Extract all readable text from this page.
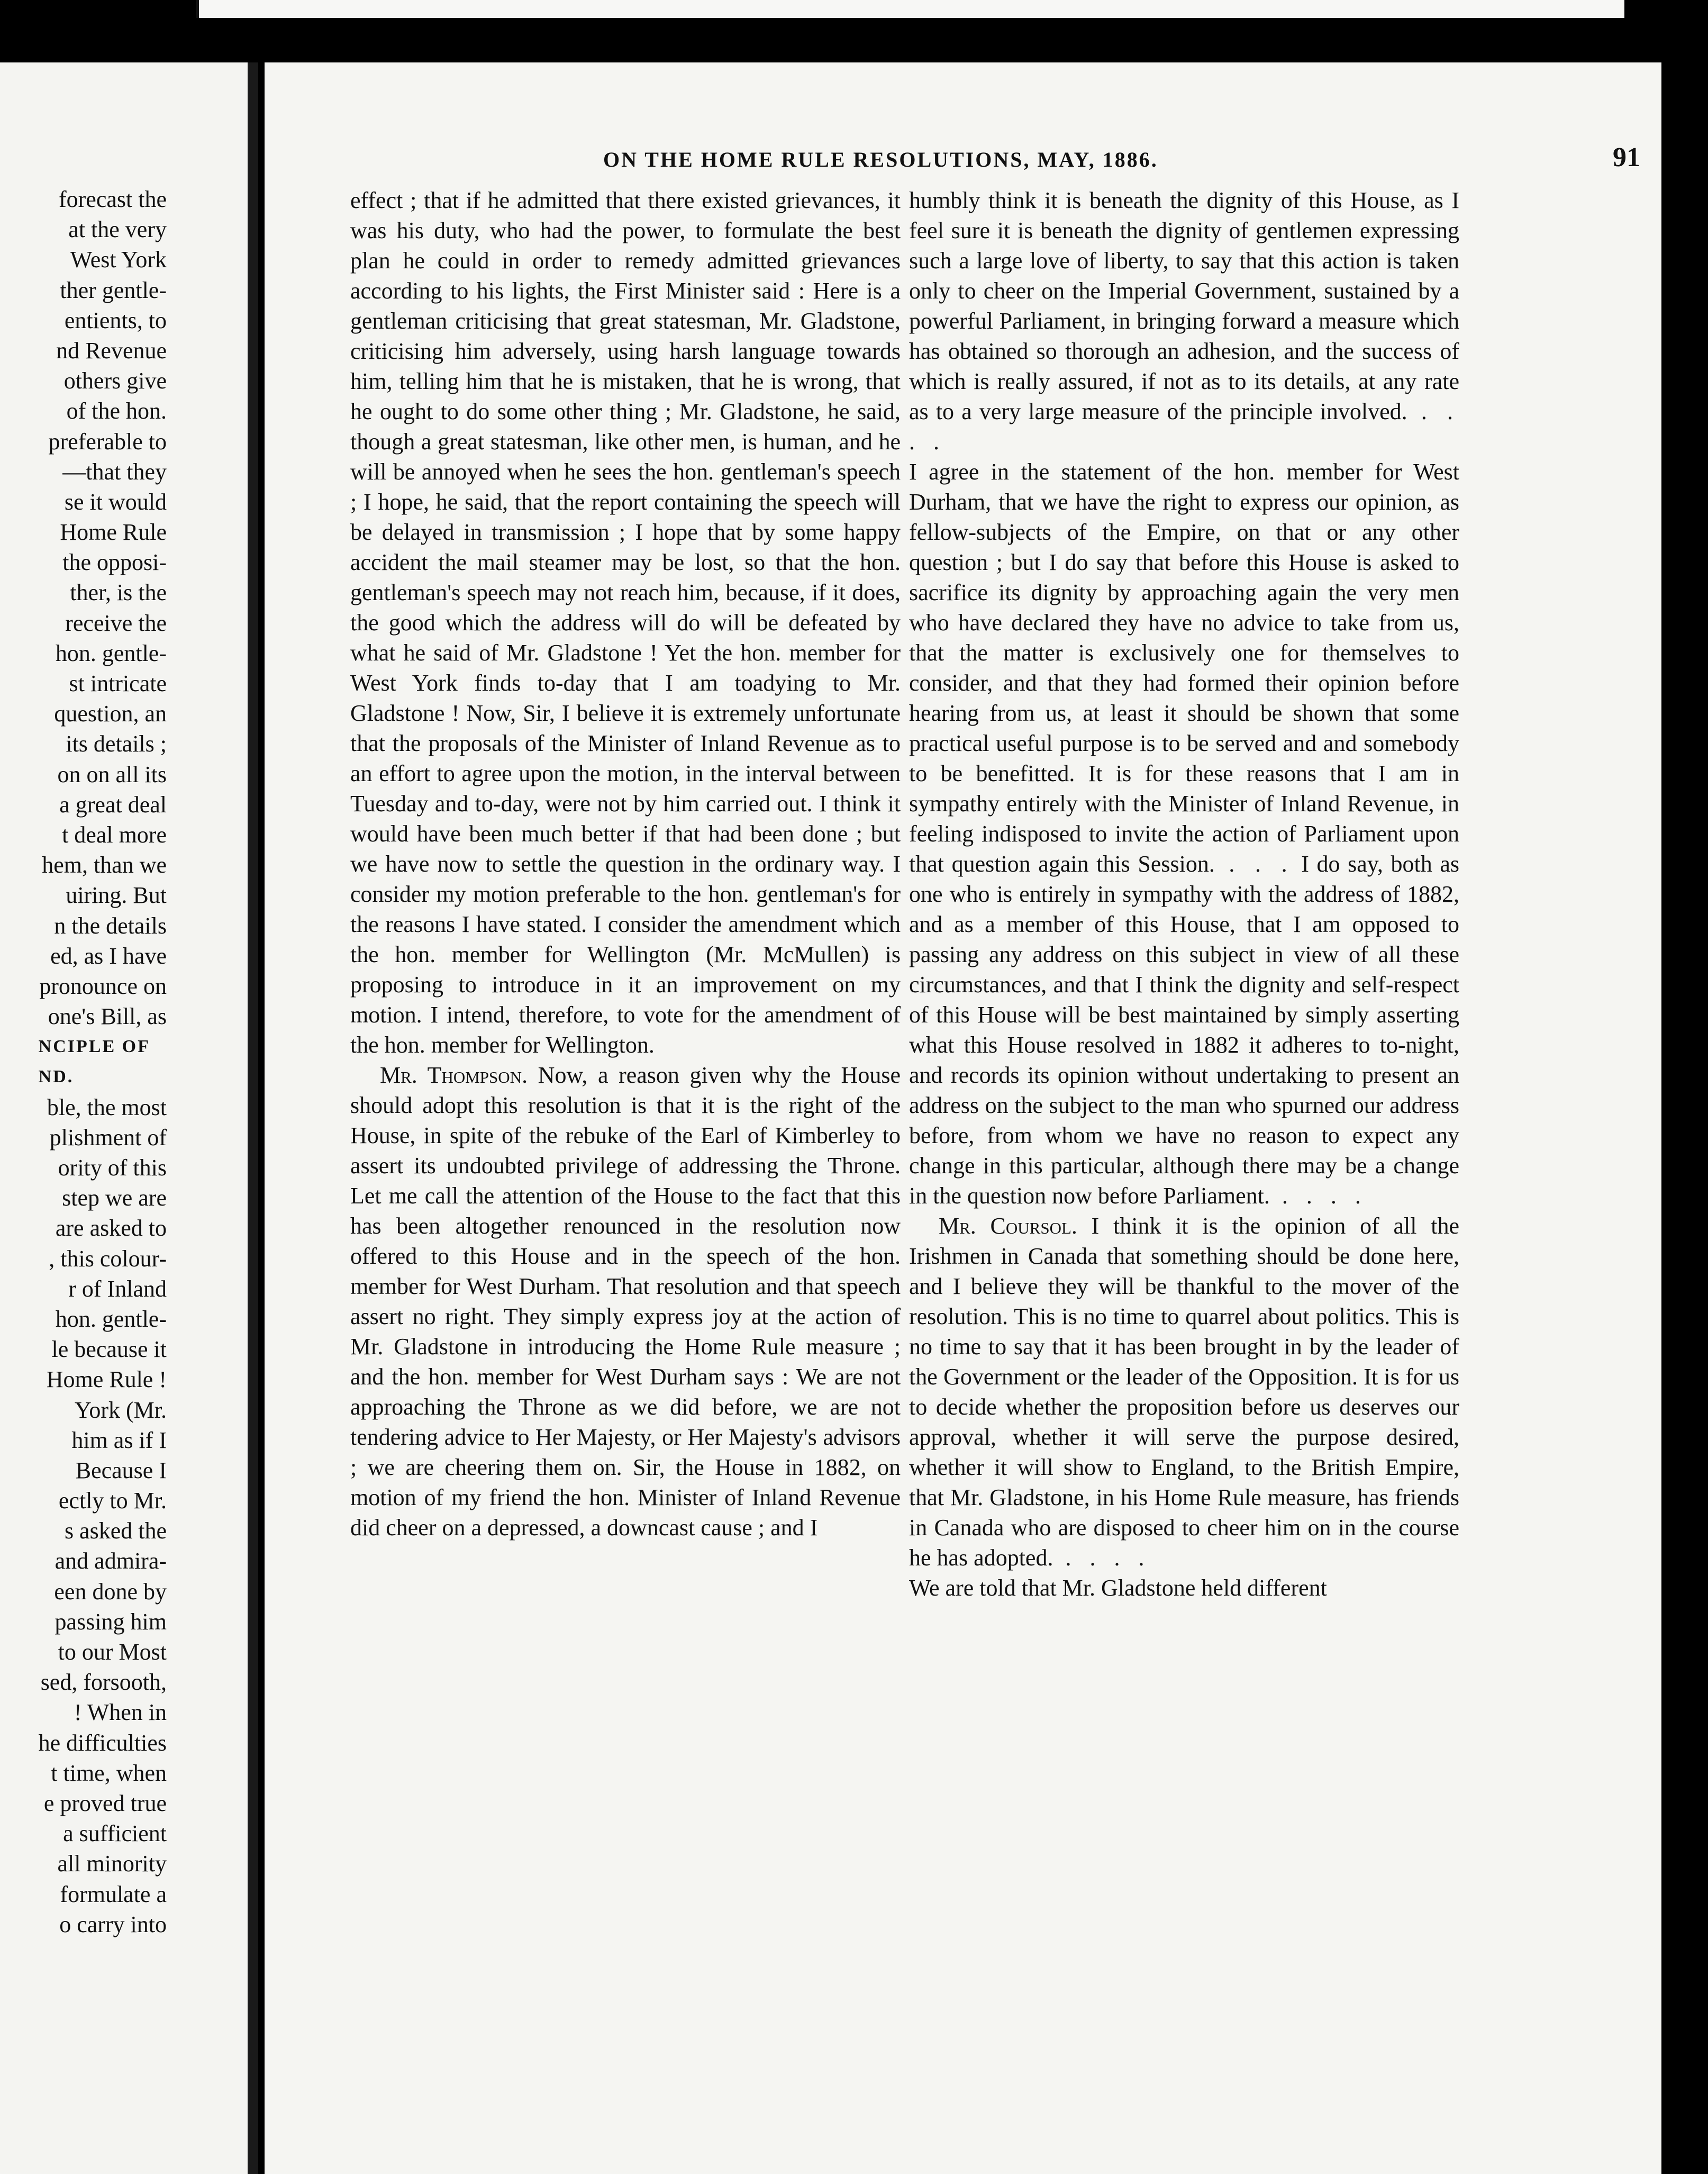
forecast the
at the very
West York
ther gentle-
entients, to
nd Revenue
others give
of the hon.
preferable to
—that they
se it would
Home Rule
the opposi-
ther, is the
receive the
hon. gentle-
st intricate
question, an
its details ;
on on all its
a great deal
t deal more
hem, than we
uiring. But
n the details
ed, as I have
pronounce on
one's Bill, as
NCIPLE OF
ND.
ble, the most
plishment of
ority of this
step we are
are asked to
, this colour-
r of Inland
hon. gentle-
le because it
Home Rule !
York (Mr.
him as if I
Because I
ectly to Mr.
s asked the
and admira-
een done by
passing him
to our Most
sed, forsooth,
! When in
he difficulties
t time, when
e proved true
a sufficient
all minority
formulate a
o carry into
ON THE HOME RULE RESOLUTIONS, MAY, 1886.	91

effect ; that if he admitted that there existed grievances, it was his duty, who had the power, to formulate the best plan he could in order to remedy admitted grievances according to his lights, the First Minister said : Here is a gentleman criticising that great statesman, Mr. Gladstone, criticising him adversely, using harsh language towards him, telling him that he is mistaken, that he is wrong, that he ought to do some other thing ; Mr. Gladstone, he said, though a great statesman, like other men, is human, and he will be annoyed when he sees the hon. gentleman's speech ; I hope, he said, that the report containing the speech will be delayed in transmission ; I hope that by some happy accident the mail steamer may be lost, so that the hon. gentleman's speech may not reach him, because, if it does, the good which the address will do will be defeated by what he said of Mr. Gladstone ! Yet the hon. member for West York finds to-day that I am toadying to Mr. Gladstone ! Now, Sir, I believe it is extremely unfortunate that the proposals of the Minister of Inland Revenue as to an effort to agree upon the motion, in the interval between Tuesday and to-day, were not by him carried out. I think it would have been much better if that had been done ; but we have now to settle the question in the ordinary way. I consider my motion preferable to the hon. gentleman's for the reasons I have stated. I consider the amendment which the hon. member for Wellington (Mr. McMullen) is proposing to introduce in it an improvement on my motion. I intend, therefore, to vote for the amendment of the hon. member for Wellington.

Mr. Thompson. Now, a reason given why the House should adopt this resolution is that it is the right of the House, in spite of the rebuke of the Earl of Kimberley to assert its undoubted privilege of addressing the Throne. Let me call the attention of the House to the fact that this has been altogether renounced in the resolution now offered to this House and in the speech of the hon. member for West Durham. That resolution and that speech assert no right. They simply express joy at the action of Mr. Gladstone in introducing the Home Rule measure ; and the hon. member for West Durham says : We are not approaching the Throne as we did before, we are not tendering advice to Her Majesty, or Her Majesty's advisors ; we are cheering them on. Sir, the House in 1882, on motion of my friend the hon. Minister of Inland Revenue did cheer on a depressed, a downcast cause ; and I

humbly think it is beneath the dignity of this House, as I feel sure it is beneath the dignity of gentlemen expressing such a large love of liberty, to say that this action is taken only to cheer on the Imperial Government, sustained by a powerful Parliament, in bringing forward a measure which has obtained so thorough an adhesion, and the success of which is really assured, if not as to its details, at any rate as to a very large measure of the principle involved. . . . .

I agree in the statement of the hon. member for West Durham, that we have the right to express our opinion, as fellow-subjects of the Empire, on that or any other question ; but I do say that before this House is asked to sacrifice its dignity by approaching again the very men who have declared they have no advice to take from us, that the matter is exclusively one for themselves to consider, and that they had formed their opinion before hearing from us, at least it should be shown that some practical useful purpose is to be served and and somebody to be benefitted. It is for these reasons that I am in sympathy entirely with the Minister of Inland Revenue, in feeling indisposed to invite the action of Parliament upon that question again this Session. . . . I do say, both as one who is entirely in sympathy with the address of 1882, and as a member of this House, that I am opposed to passing any address on this subject in view of all these circumstances, and that I think the dignity and self-respect of this House will be best maintained by simply asserting what this House resolved in 1882 it adheres to to-night, and records its opinion without undertaking to present an address on the subject to the man who spurned our address before, from whom we have no reason to expect any change in this particular, although there may be a change in the question now before Parliament. . . . .

Mr. Coursol. I think it is the opinion of all the Irishmen in Canada that something should be done here, and I believe they will be thankful to the mover of the resolution. This is no time to quarrel about politics. This is no time to say that it has been brought in by the leader of the Government or the leader of the Opposition. It is for us to decide whether the proposition before us deserves our approval, whether it will serve the purpose desired, whether it will show to England, to the British Empire, that Mr. Gladstone, in his Home Rule measure, has friends in Canada who are disposed to cheer him on in the course he has adopted. . . . .

We are told that Mr. Gladstone held different
